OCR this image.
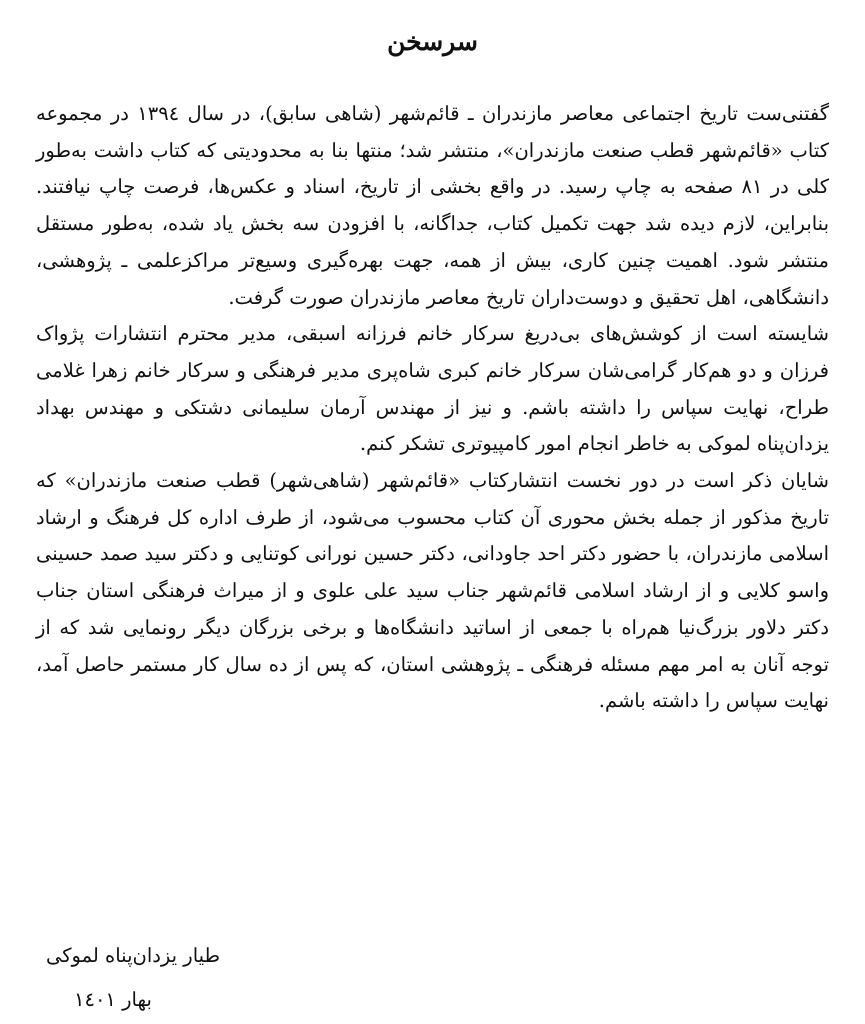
سرسخن

گفتنی‌ست تاریخ اجتماعی معاصر مازندران ـ قائم‌شهر (شاهی سابق)، در سال ۱۳۹٤ در مجموعه کتاب «قائم‌شهر قطب صنعت مازندران»، منتشر شد؛ منتها بنا به محدودیتی که کتاب داشت به‌طور کلی در ۸۱ صفحه به چاپ رسید. در واقع بخشی از تاریخ، اسناد و عکس‌ها، فرصت چاپ نیافتند. بنابراین، لازم دیده شد جهت تکمیل کتاب، جداگانه، با افزودن سه بخش یاد شده، به‌طور مستقل منتشر شود. اهمیت چنین کاری، بیش از همه، جهت بهره‌گیری وسیع‌تر مراکزعلمی ـ پژوهشی، دانشگاهی، اهل تحقیق و دوست‌داران تاریخ معاصر مازندران صورت گرفت.

شایسته است از کوشش‌های بی‌دریغ سرکار خانم فرزانه اسبقی، مدیر محترم انتشارات پژواک فرزان و دو هم‌کار گرامی‌شان سرکار خانم کبری شاه‌پری مدیر فرهنگی و سرکار خانم زهرا غلامی طراح، نهایت سپاس را داشته باشم. و نیز از مهندس آرمان سلیمانی دشتکی و مهندس بهداد یزدان‌پناه لموکی به خاطر انجام امور کامپیوتری تشکر کنم.

شایان ذکر است در دور نخست انتشارکتاب «قائم‌شهر (شاهی‌شهر) قطب صنعت مازندران» که تاریخ مذکور از جمله بخش محوری آن کتاب محسوب می‌شود، از طرف اداره کل فرهنگ و ارشاد اسلامی مازندران، با حضور دکتر احد جاودانی، دکتر حسین نورانی کوتنایی و دکتر سید صمد حسینی واسو کلایی و از ارشاد اسلامی قائم‌شهر جناب سید علی علوی و از میراث فرهنگی استان جناب دکتر دلاور بزرگ‌نیا هم‌راه با جمعی از اساتید دانشگاه‌ها و برخی بزرگان دیگر رونمایی شد که از توجه آنان به امر مهم مسئله فرهنگی ـ پژوهشی استان، که پس از ده سال کار مستمر حاصل آمد، نهایت سپاس را داشته باشم.

طیار یزدان‌پناه لموکی
بهار ۱٤۰۱
